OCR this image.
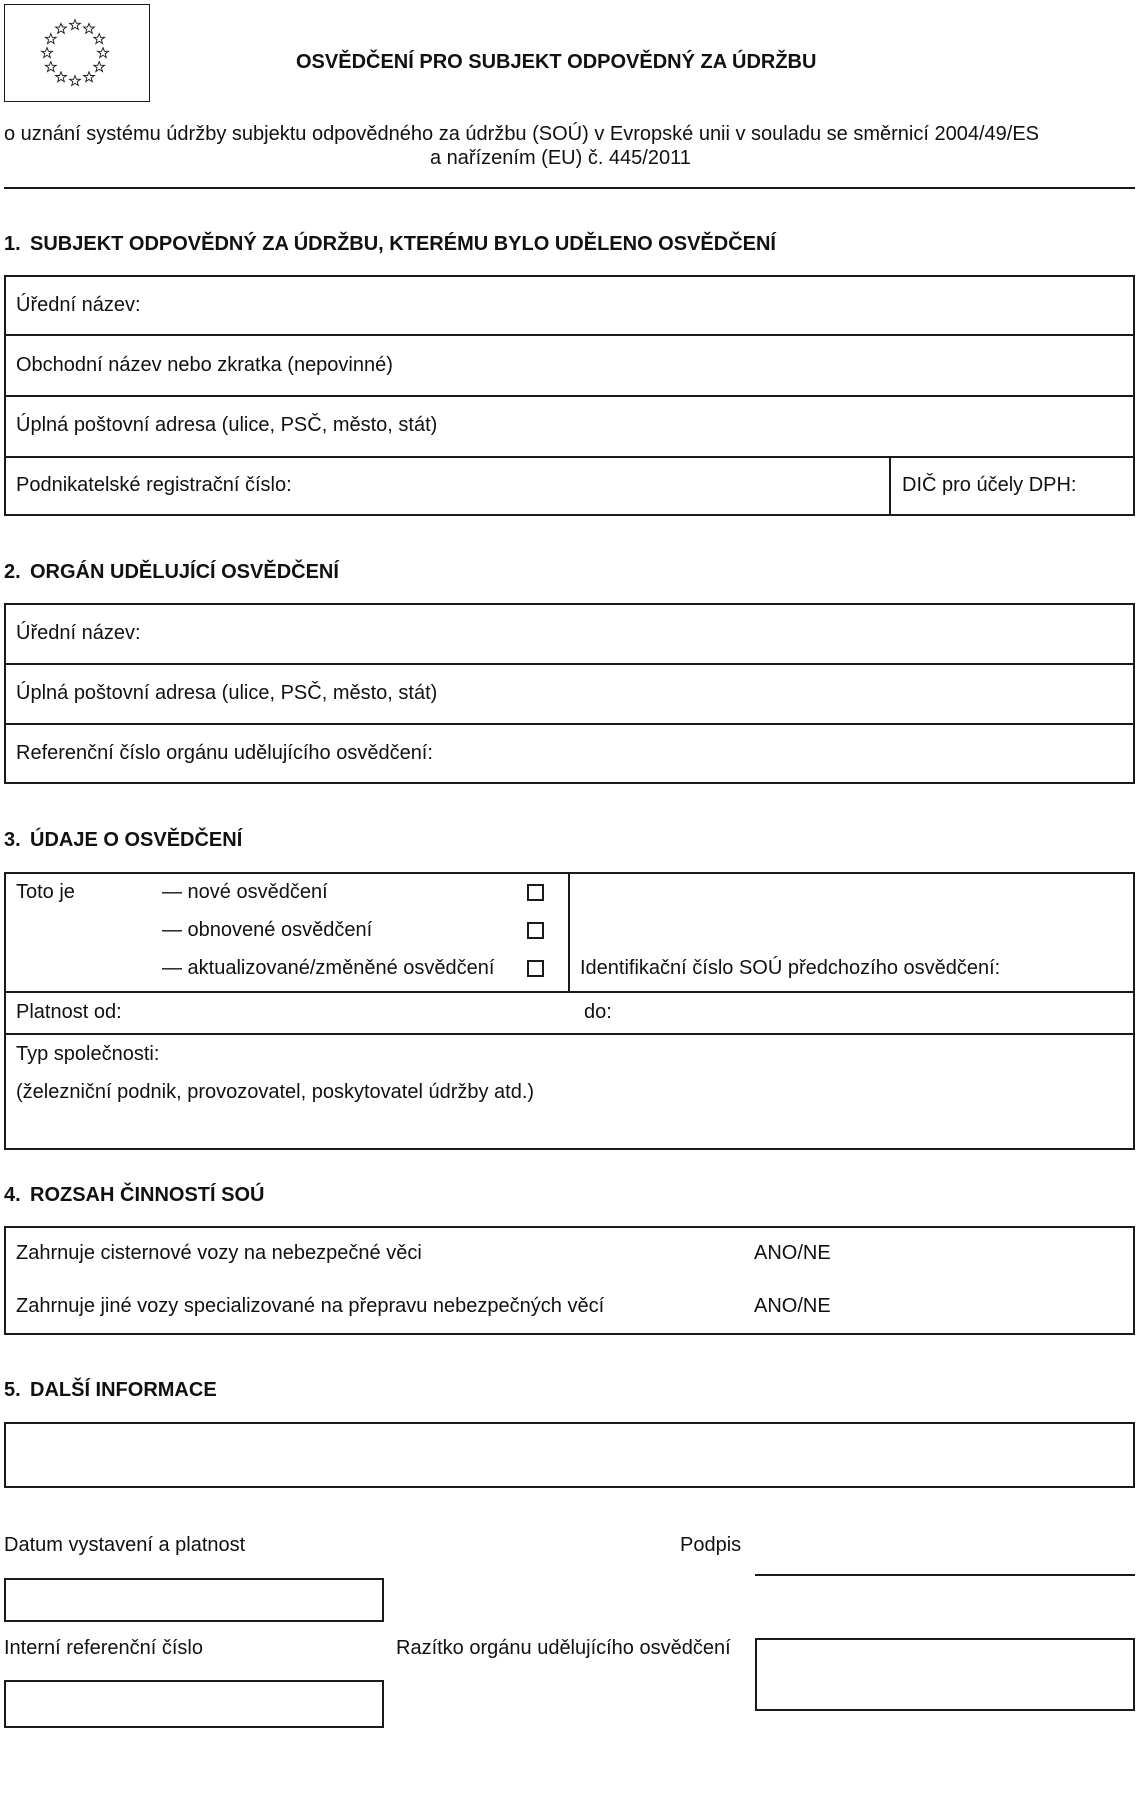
OSVĚDČENÍ PRO SUBJEKT ODPOVĚDNÝ ZA ÚDRŽBU
o uznání systému údržby subjektu odpovědného za údržbu (SOÚ) v Evropské unii v souladu se směrnicí 2004/49/ES
a nařízením (EU) č. 445/2011
1. SUBJEKT ODPOVĚDNÝ ZA ÚDRŽBU, KTERÉMU BYLO UDĚLENO OSVĚDČENÍ
Úřední název:
Obchodní název nebo zkratka (nepovinné)
Úplná poštovní adresa (ulice, PSČ, město, stát)
Podnikatelské registrační číslo:	DIČ pro účely DPH:
2. ORGÁN UDĚLUJÍCÍ OSVĚDČENÍ
Úřední název:
Úplná poštovní adresa (ulice, PSČ, město, stát)
Referenční číslo orgánu udělujícího osvědčení:
3. ÚDAJE O OSVĚDČENÍ
Toto je	— nové osvědčení
— obnovené osvědčení
— aktualizované/změněné osvědčení	Identifikační číslo SOÚ předchozího osvědčení:
Platnost od:	do:
Typ společnosti:
(železniční podnik, provozovatel, poskytovatel údržby atd.)
4. ROZSAH ČINNOSTÍ SOÚ
Zahrnuje cisternové vozy na nebezpečné věci	ANO/NE
Zahrnuje jiné vozy specializované na přepravu nebezpečných věcí	ANO/NE
5. DALŠÍ INFORMACE
Datum vystavení a platnost	Podpis
Interní referenční číslo	Razítko orgánu udělujícího osvědčení
